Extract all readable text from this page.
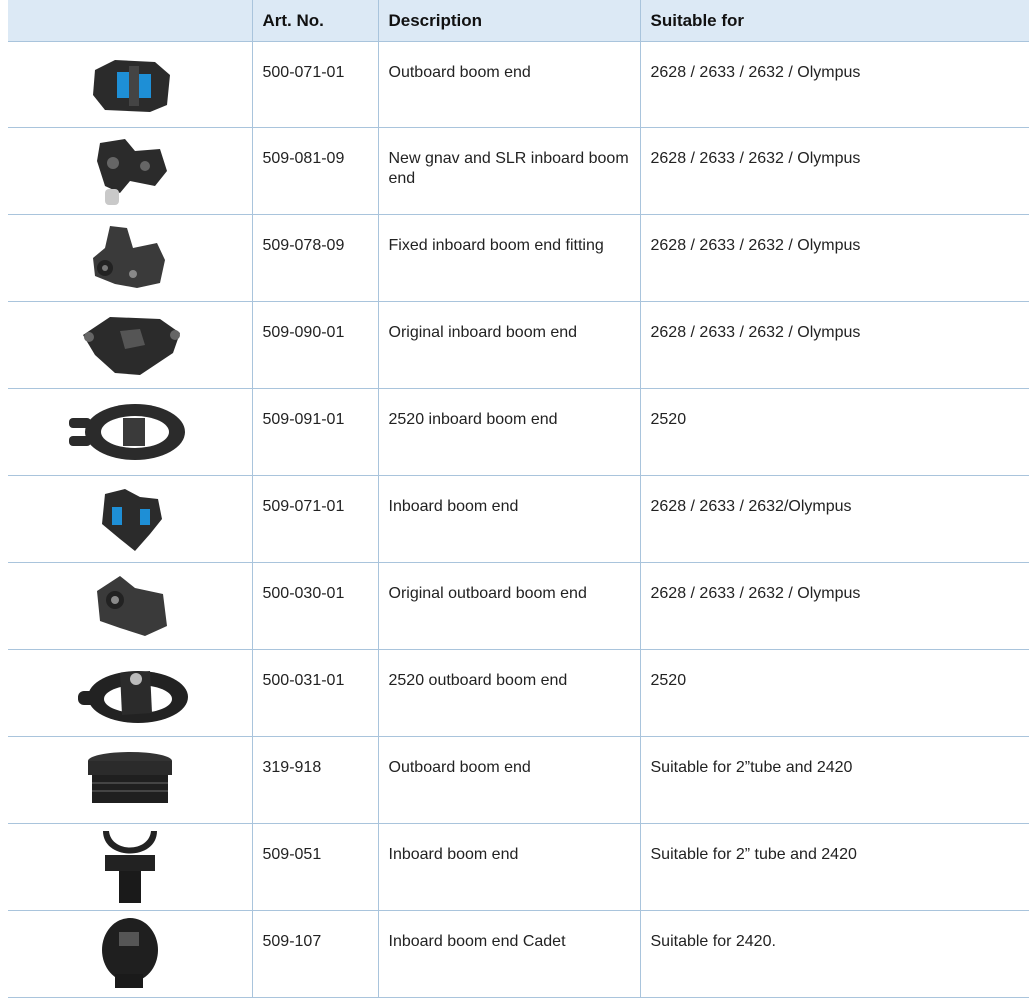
	Art. No.	Description	Suitable for
	500-071-01	Outboard boom end	2628 / 2633 / 2632 / Olympus
	509-081-09	New gnav and SLR inboard boom end	2628 / 2633 / 2632 / Olympus
	509-078-09	Fixed inboard boom end fitting	2628 / 2633 / 2632 / Olympus
	509-090-01	Original inboard boom end	2628 / 2633 / 2632 / Olympus
	509-091-01	2520 inboard boom end	2520
	509-071-01	Inboard boom end	2628 / 2633 / 2632/Olympus
	500-030-01	Original outboard boom end	2628 / 2633 / 2632 / Olympus
	500-031-01	2520 outboard boom end	2520
	319-918	Outboard boom end	Suitable for 2”tube and 2420
	509-051	Inboard boom end	Suitable for 2” tube and 2420
	509-107	Inboard boom end Cadet	Suitable for 2420.
